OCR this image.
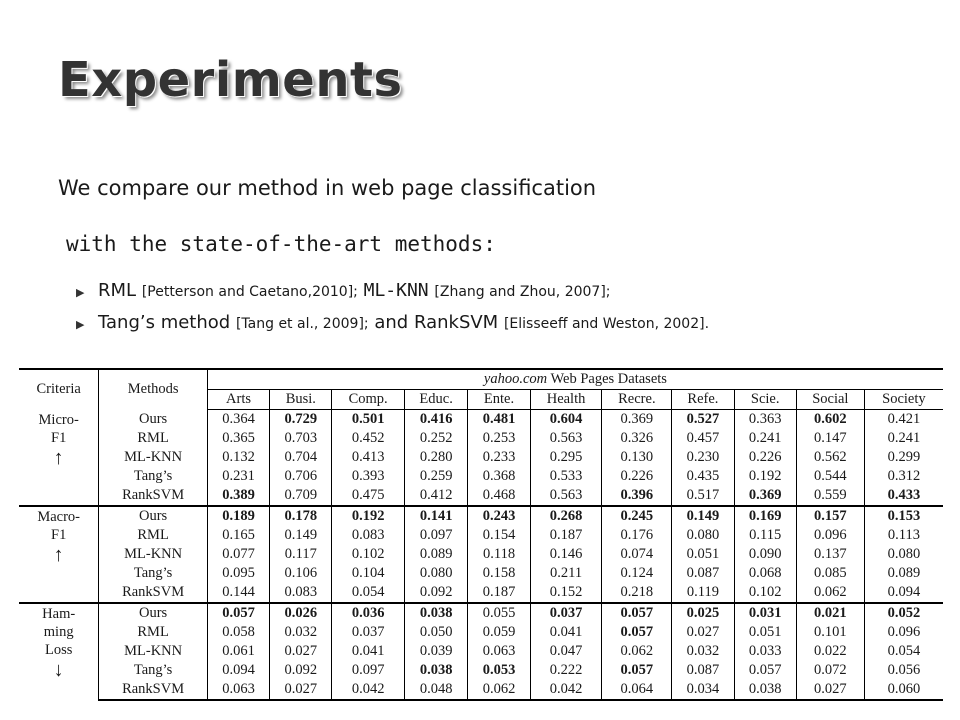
Experiments
We compare our method in web page classification
with the state-of-the-art methods:
▶ RML
[Petterson and Caetano,2010];
ML-KNN
[Zhang and Zhou, 2007];
▶ Tang’s method
[Tang et al., 2009];
and
RankSVM
[Elisseeff and Weston, 2002].
Criteria	Methods	yahoo.com Web Pages Datasets										
		Arts	Busi.	Comp.	Educ.	Ente.	Health	Recre.	Refe.	Scie.	Social	Society

Micro-
F1
↑	Ours	0.364	0.729	0.501	0.416	0.481	0.604	0.369	0.527	0.363	0.602	0.421
	RML	0.365	0.703	0.452	0.252	0.253	0.563	0.326	0.457	0.241	0.147	0.241
	ML-KNN	0.132	0.704	0.413	0.280	0.233	0.295	0.130	0.230	0.226	0.562	0.299
	Tang’s	0.231	0.706	0.393	0.259	0.368	0.533	0.226	0.435	0.192	0.544	0.312
	RankSVM	0.389	0.709	0.475	0.412	0.468	0.563	0.396	0.517	0.369	0.559	0.433

Macro-
F1
↑	Ours	0.189	0.178	0.192	0.141	0.243	0.268	0.245	0.149	0.169	0.157	0.153
	RML	0.165	0.149	0.083	0.097	0.154	0.187	0.176	0.080	0.115	0.096	0.113
	ML-KNN	0.077	0.117	0.102	0.089	0.118	0.146	0.074	0.051	0.090	0.137	0.080
	Tang’s	0.095	0.106	0.104	0.080	0.158	0.211	0.124	0.087	0.068	0.085	0.089
	RankSVM	0.144	0.083	0.054	0.092	0.187	0.152	0.218	0.119	0.102	0.062	0.094

Ham-
ming
Loss
↓	Ours	0.057	0.026	0.036	0.038	0.055	0.037	0.057	0.025	0.031	0.021	0.052
	RML	0.058	0.032	0.037	0.050	0.059	0.041	0.057	0.027	0.051	0.101	0.096
	ML-KNN	0.061	0.027	0.041	0.039	0.063	0.047	0.062	0.032	0.033	0.022	0.054
	Tang’s	0.094	0.092	0.097	0.038	0.053	0.222	0.057	0.087	0.057	0.072	0.056
	RankSVM	0.063	0.027	0.042	0.048	0.062	0.042	0.064	0.034	0.038	0.027	0.060
